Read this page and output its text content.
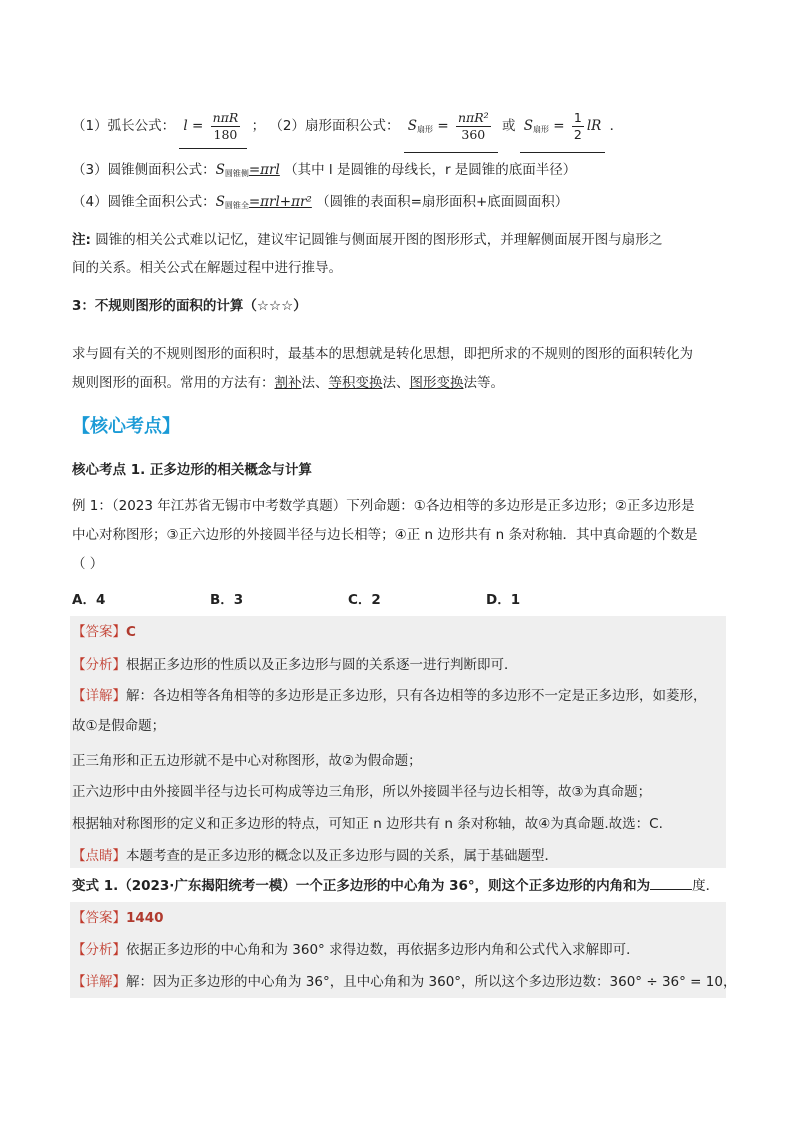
（1）弧长公式： $l = \frac{\text{nπR}}{180}$ ； （2）扇形面积公式： $S_{扇形} = \frac{\text{nπR²}}{360}$ 或 $S_{扇形} = \frac{1}{2}$ lR ．
（3）圆锥侧面积公式：$S_{圆锥侧}=\pi rl$ （其中 l 是圆锥的母线长，r 是圆锥的底面半径）
（4）圆锥全面积公式：$S_{圆锥全}=\pi rl+\pi r^2$ （圆锥的表面积=扇形面积+底面圆面积）
注: 圆锥的相关公式难以记忆，建议牢记圆锥与侧面展开图的图形形式，并理解侧面展开图与扇形之
间的关系。相关公式在解题过程中进行推导。
3：不规则图形的面积的计算（☆☆☆）
求与圆有关的不规则图形的面积时，最基本的思想就是转化思想，即把所求的不规则的图形的面积转化为
规则图形的面积。常用的方法有：割补法、等积变换法、图形变换法等。
【核心考点】
核心考点 1. 正多边形的相关概念与计算
例 1：（2023 年江苏省无锡市中考数学真题）下列命题：①各边相等的多边形是正多边形；②正多边形是
中心对称图形；③正六边形的外接圆半径与边长相等；④正 n 边形共有 n 条对称轴．其中真命题的个数是
（ ）
A．4	B．3	C．2	D．1
【答案】C
【分析】根据正多边形的性质以及正多边形与圆的关系逐一进行判断即可．
【详解】解：各边相等各角相等的多边形是正多边形，只有各边相等的多边形不一定是正多边形，如菱形，
故①是假命题；
正三角形和正五边形就不是中心对称图形，故②为假命题；
正六边形中由外接圆半径与边长可构成等边三角形，所以外接圆半径与边长相等，故③为真命题；
根据轴对称图形的定义和正多边形的特点，可知正 n 边形共有 n 条对称轴，故④为真命题.故选：C.
【点睛】本题考查的是正多边形的概念以及正多边形与圆的关系，属于基础题型．
变式 1.（2023·广东揭阳统考一模）一个正多边形的中心角为 36°，则这个正多边形的内角和为	度．
【答案】1440
【分析】依据正多边形的中心角和为 360° 求得边数，再依据多边形内角和公式代入求解即可．
【详解】解：因为正多边形的中心角为 36°，且中心角和为 360°，所以这个多边形边数：360° ÷ 36° = 10，
